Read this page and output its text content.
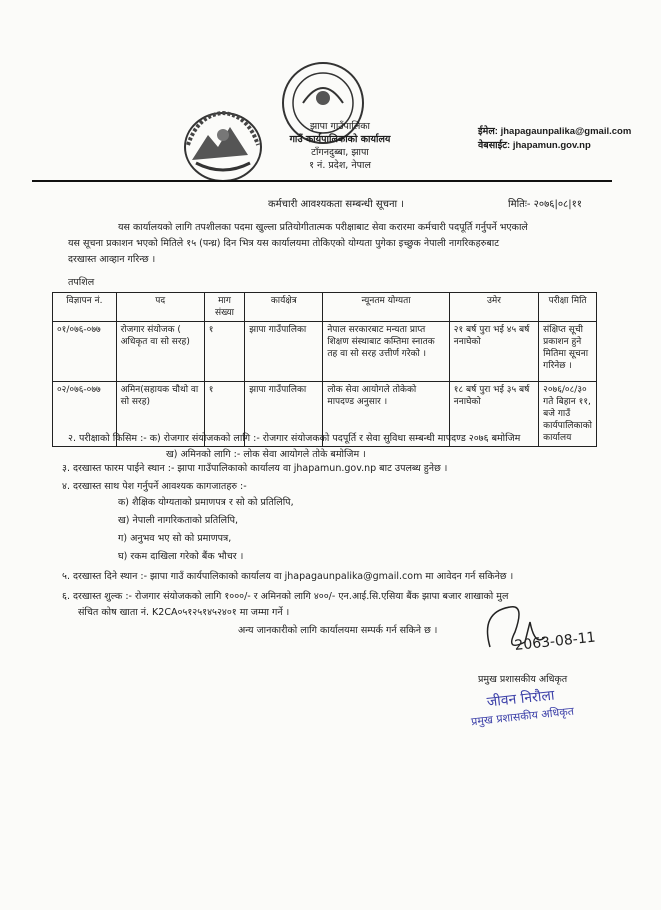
झापा गाउँपालिका
गाउँ कार्यपालिकाको कार्यालय
टाँगनदुब्बा, झापा
१ नं. प्रदेश, नेपाल
ईमेल: jhapagaunpalika@gmail.com
वेबसाईट: jhapamun.gov.np
कर्मचारी आवश्यकता सम्बन्धी सूचना ।	मितिः- २०७६|०८|११
यस कार्यालयको लागि तपशीलका पदमा खुल्ला प्रतियोगीतात्मक परीक्षाबाट सेवा करारमा कर्मचारी पदपूर्ति गर्नुपर्ने भएकाले
यस सूचना प्रकाशन भएको मितिले १५ (पन्ध्र) दिन भित्र यस कार्यालयमा तोकिएको योग्यता पुगेका इच्छुक नेपाली नागरिकहरुबाट
दरखास्त आव्हान गरिन्छ ।
तपशिल
विज्ञापन नं.	पद	माग संख्या	कार्यक्षेत्र	न्यूनतम योग्यता	उमेर	परीक्षा मिति
०१/०७६-०७७	रोजगार संयोजक ( अधिकृत वा सो सरह)	१	झापा गाउँपालिका	नेपाल सरकारबाट मन्यता प्राप्त शिक्षण संस्थाबाट कम्तिमा स्नातक तह वा सो सरह उत्तीर्ण गरेको ।	२१ बर्ष पुरा भई ४५ बर्ष ननाघेको	संक्षिप्त सूची प्रकाशन हुने मितिमा सूचना गरिनेछ ।
०२/०७६-०७७	अमिन(सहायक चौथो वा सो सरह)	१	झापा गाउँपालिका	लोक सेवा आयोगले तोकेको मापदण्ड अनुसार ।	१८ बर्ष पुरा भई ३५ बर्ष ननाघेको	२०७६/०८/३० गते बिहान ११, बजे गाउँ कार्यपालिकाको कार्यालय
२. परीक्षाको किसिम :- क) रोजगार संयोजकको लागि :- रोजगार संयोजकको पदपूर्ति र सेवा सुविधा सम्बन्धी मापदण्ड २०७६ बमोजिम
ख) अमिनको लागि :- लोक सेवा आयोगले तोके बमोजिम ।
३. दरखास्त फारम पाईने स्थान :- झापा गाउँपालिकाको कार्यालय वा jhapamun.gov.np बाट उपलब्ध हुनेछ ।
४. दरखास्त साथ पेश गर्नुपर्ने आवश्यक कागजातहरु :-
क) शैक्षिक योग्यताको प्रमाणपत्र र सो को प्रतिलिपि,
ख) नेपाली नागरिकताको प्रतिलिपि,
ग) अनुभव भए सो को प्रमाणपत्र,
घ) रकम दाखिला गरेको बैंक भौचर ।
५. दरखास्त दिने स्थान :- झापा गाउँ कार्यपालिकाको कार्यालय वा jhapagaunpalika@gmail.com मा आवेदन गर्न सकिनेछ ।
६. दरखास्त शुल्क :- रोजगार संयोजकको लागि १०००/- र अमिनको लागि ४००/- एन.आई.सि.एसिया बैंक झापा बजार शाखाको मुल
संचित कोष खाता नं. K2CA०५१२५१४५२४०१ मा जम्मा गर्ने ।
अन्य जानकारीको लागि कार्यालयमा सम्पर्क गर्न सकिने छ ।	2063-08-11
प्रमुख प्रशासकीय अधिकृत
जीवन निरौला
प्रमुख प्रशासकीय अधिकृत
